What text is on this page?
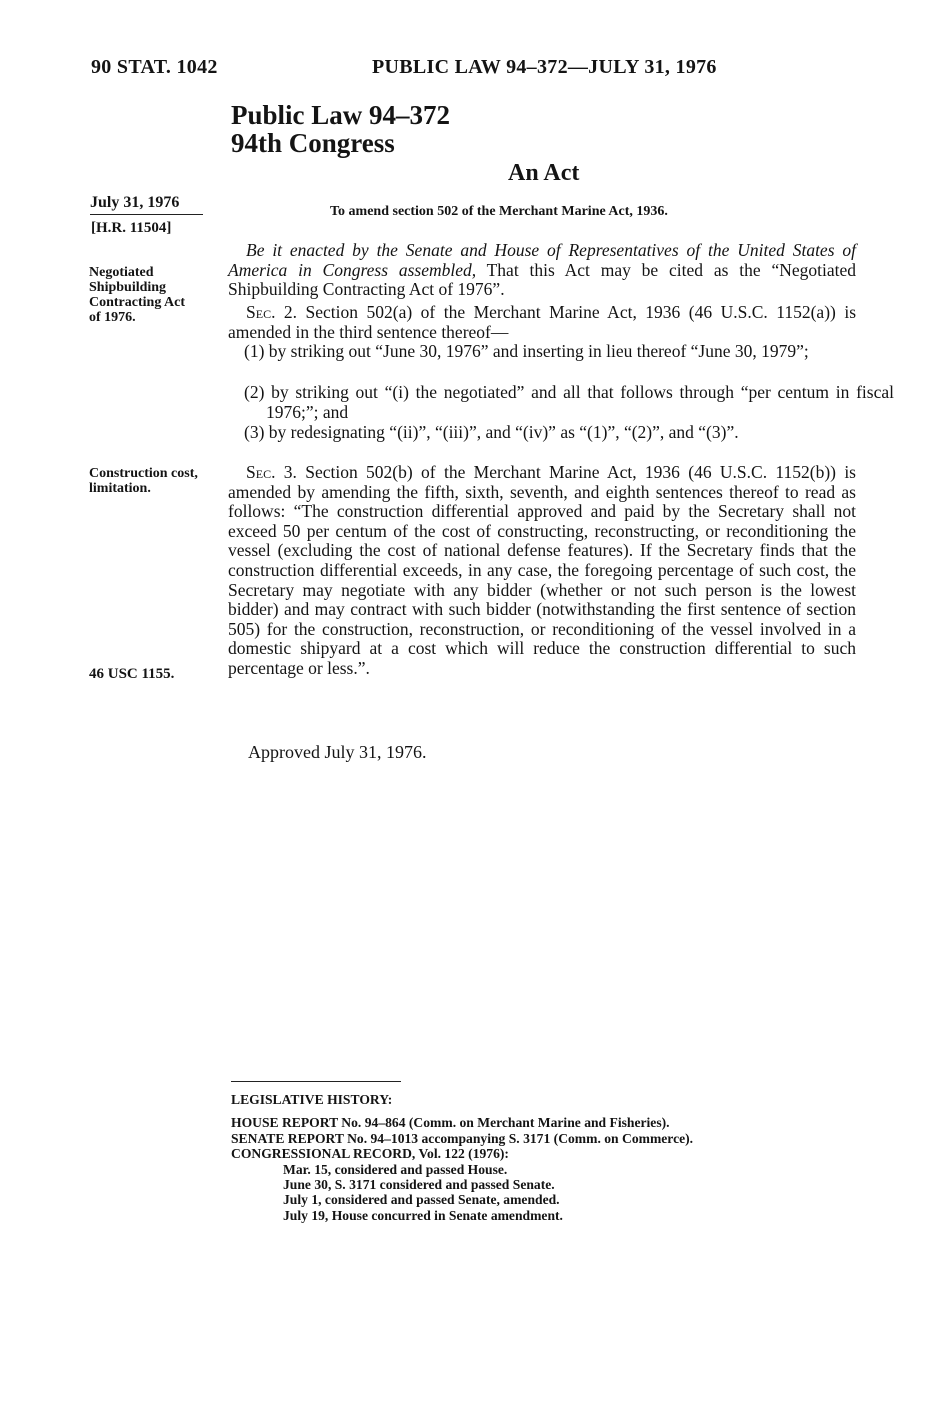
90 STAT. 1042	PUBLIC LAW 94–372—JULY 31, 1976
Public Law 94–372
94th Congress
An Act
To amend section 502 of the Merchant Marine Act, 1936.
July 31, 1976
[H.R. 11504]
Negotiated
Shipbuilding
Contracting Act
of 1976.
Construction cost,
limitation.
46 USC 1155.
Be it enacted by the Senate and House of Representatives of the United States of America in Congress assembled, That this Act may be cited as the “Negotiated Shipbuilding Contracting Act of 1976”.
Sec. 2. Section 502(a) of the Merchant Marine Act, 1936 (46 U.S.C. 1152(a)) is amended in the third sentence thereof—
(1) by striking out “June 30, 1976” and inserting in lieu thereof “June 30, 1979”;
(2) by striking out “(i) the negotiated” and all that follows through “per centum in fiscal 1976;”; and
(3) by redesignating “(ii)”, “(iii)”, and “(iv)” as “(1)”, “(2)”, and “(3)”.
Sec. 3. Section 502(b) of the Merchant Marine Act, 1936 (46 U.S.C. 1152(b)) is amended by amending the fifth, sixth, seventh, and eighth sentences thereof to read as follows: “The construction differential approved and paid by the Secretary shall not exceed 50 per centum of the cost of constructing, reconstructing, or reconditioning the vessel (excluding the cost of national defense features). If the Secretary finds that the construction differential exceeds, in any case, the foregoing percentage of such cost, the Secretary may negotiate with any bidder (whether or not such person is the lowest bidder) and may contract with such bidder (notwithstanding the first sentence of section 505) for the construction, reconstruction, or reconditioning of the vessel involved in a domestic shipyard at a cost which will reduce the construction differential to such percentage or less.”.
Approved July 31, 1976.
LEGISLATIVE HISTORY:
HOUSE REPORT No. 94–864 (Comm. on Merchant Marine and Fisheries).
SENATE REPORT No. 94–1013 accompanying S. 3171 (Comm. on Commerce).
CONGRESSIONAL RECORD, Vol. 122 (1976):
Mar. 15, considered and passed House.
June 30, S. 3171 considered and passed Senate.
July 1, considered and passed Senate, amended.
July 19, House concurred in Senate amendment.
